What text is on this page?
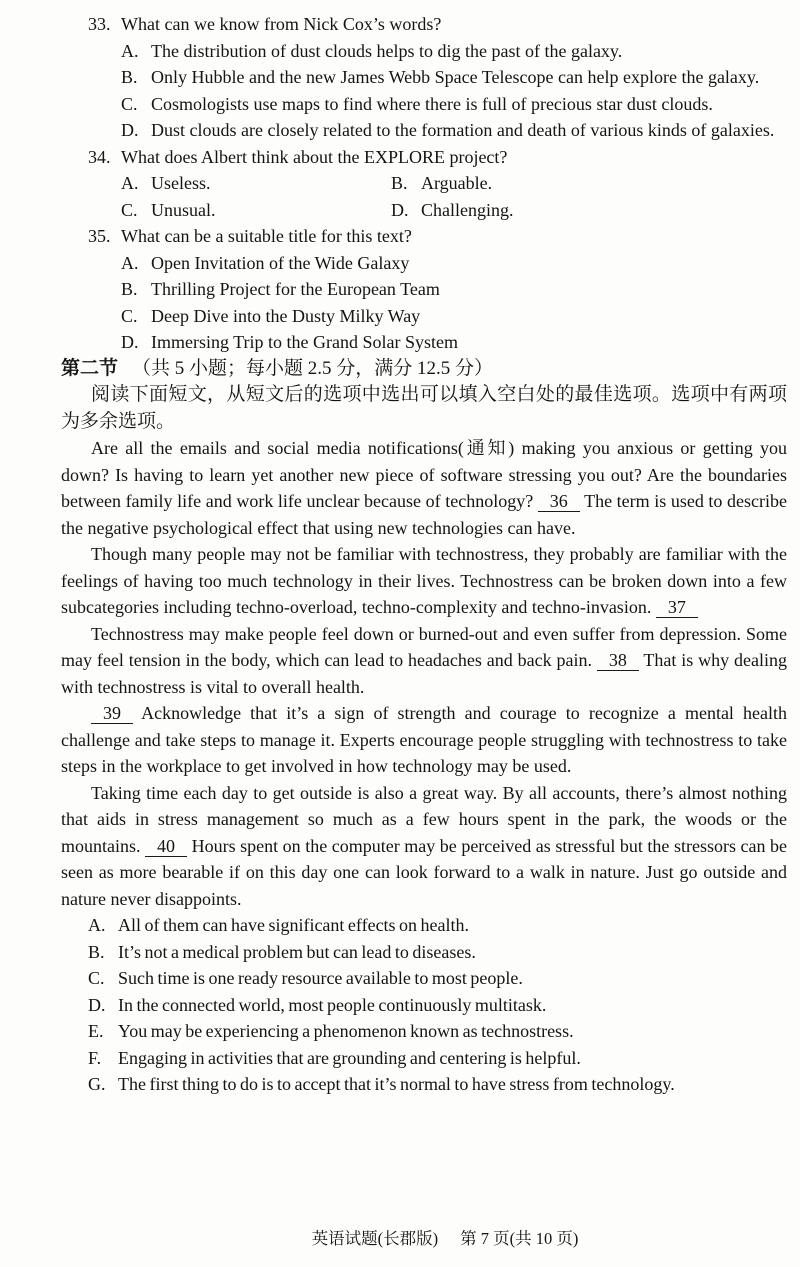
33. What can we know from Nick Cox’s words?
A. The distribution of dust clouds helps to dig the past of the galaxy.
B. Only Hubble and the new James Webb Space Telescope can help explore the galaxy.
C. Cosmologists use maps to find where there is full of precious star dust clouds.
D. Dust clouds are closely related to the formation and death of various kinds of galaxies.
34. What does Albert think about the EXPLORE project?
A. Useless.	B. Arguable.
C. Unusual.	D. Challenging.
35. What can be a suitable title for this text?
A. Open Invitation of the Wide Galaxy
B. Thrilling Project for the European Team
C. Deep Dive into the Dusty Milky Way
D. Immersing Trip to the Grand Solar System
第二节 （共 5 小题；每小题 2.5 分，满分 12.5 分）
阅读下面短文，从短文后的选项中选出可以填入空白处的最佳选项。选项中有两项为多余选项。
Are all the emails and social media notifications(通知) making you anxious or getting you down? Is having to learn yet another new piece of software stressing you out? Are the boundaries between family life and work life unclear because of technology? 36 The term is used to describe the negative psychological effect that using new technologies can have.
Though many people may not be familiar with technostress, they probably are familiar with the feelings of having too much technology in their lives. Technostress can be broken down into a few subcategories including techno-overload, techno-complexity and techno-invasion. 37
Technostress may make people feel down or burned-out and even suffer from depression. Some may feel tension in the body, which can lead to headaches and back pain. 38 That is why dealing with technostress is vital to overall health.
39 Acknowledge that it’s a sign of strength and courage to recognize a mental health challenge and take steps to manage it. Experts encourage people struggling with technostress to take steps in the workplace to get involved in how technology may be used.
Taking time each day to get outside is also a great way. By all accounts, there’s almost nothing that aids in stress management so much as a few hours spent in the park, the woods or the mountains. 40 Hours spent on the computer may be perceived as stressful but the stressors can be seen as more bearable if on this day one can look forward to a walk in nature. Just go outside and nature never disappoints.
A. All of them can have significant effects on health.
B. It’s not a medical problem but can lead to diseases.
C. Such time is one ready resource available to most people.
D. In the connected world, most people continuously multitask.
E. You may be experiencing a phenomenon known as technostress.
F. Engaging in activities that are grounding and centering is helpful.
G. The first thing to do is to accept that it’s normal to have stress from technology.
英语试题(长郡版) 第 7 页(共 10 页)
